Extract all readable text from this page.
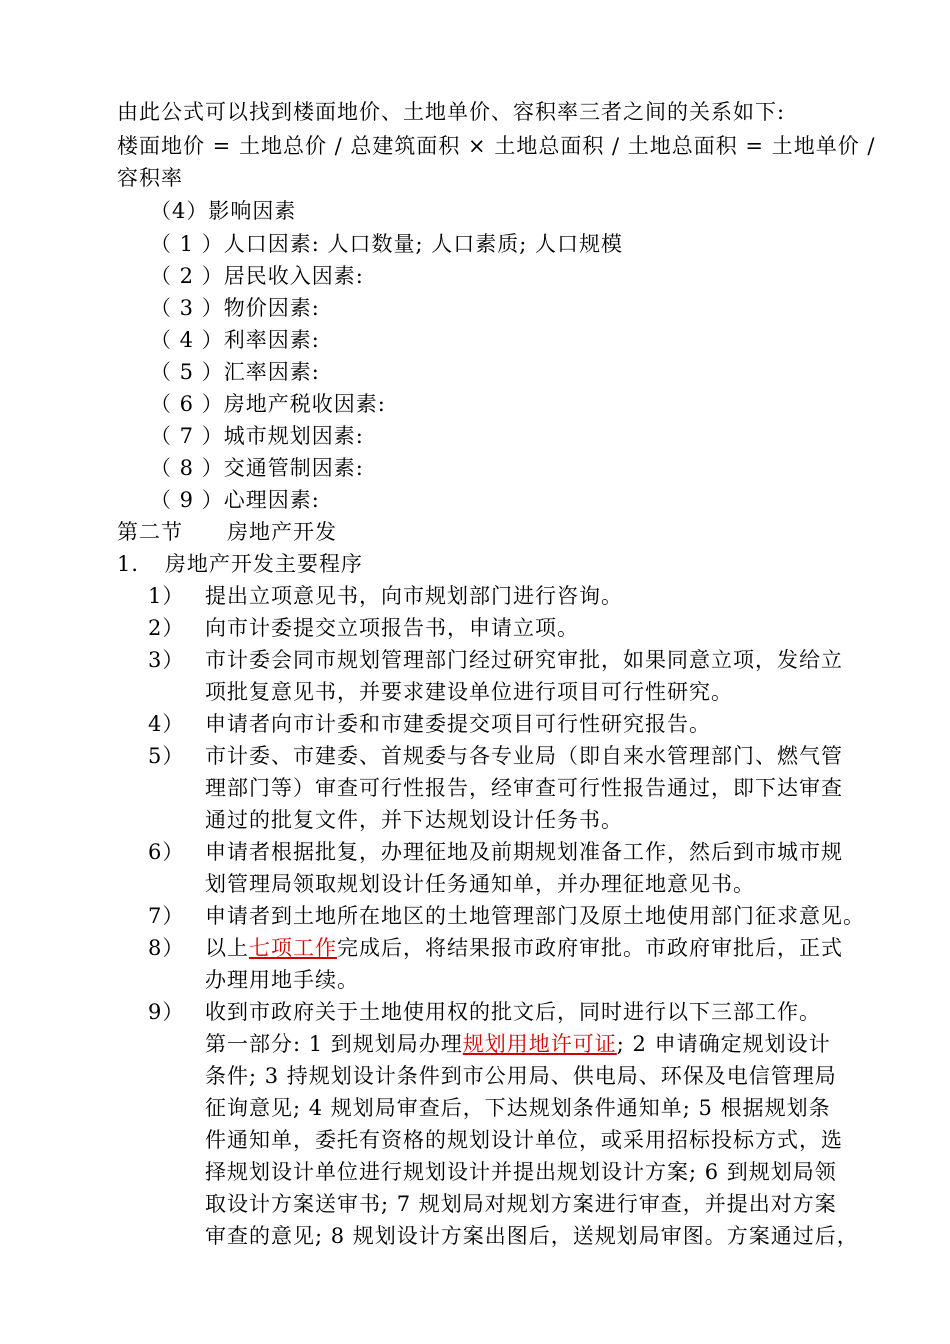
由此公式可以找到楼面地价、土地单价、容积率三者之间的关系如下:
楼面地价 = 土地总价 / 总建筑面积 × 土地总面积 / 土地总面积 = 土地单价 /
容积率
（4）影响因素
（ 1 ）人口因素: 人口数量; 人口素质; 人口规模
（ 2 ）居民收入因素:
（ 3 ）物价因素:
（ 4 ）利率因素:
（ 5 ）汇率因素:
（ 6 ）房地产税收因素:
（ 7 ）城市规划因素:
（ 8 ）交通管制因素:
（ 9 ）心理因素:
第二节　　房地产开发
1．　房地产开发主要程序
1） 提出立项意见书，向市规划部门进行咨询。
2） 向市计委提交立项报告书，申请立项。
3） 市计委会同市规划管理部门经过研究审批，如果同意立项，发给立
项批复意见书，并要求建设单位进行项目可行性研究。
4） 申请者向市计委和市建委提交项目可行性研究报告。
5） 市计委、市建委、首规委与各专业局（即自来水管理部门、燃气管
理部门等）审查可行性报告，经审查可行性报告通过，即下达审查
通过的批复文件，并下达规划设计任务书。
6） 申请者根据批复，办理征地及前期规划准备工作，然后到市城市规
划管理局领取规划设计任务通知单，并办理征地意见书。
7） 申请者到土地所在地区的土地管理部门及原土地使用部门征求意见。
8） 以上七项工作完成后，将结果报市政府审批。市政府审批后，正式
办理用地手续。
9） 收到市政府关于土地使用权的批文后，同时进行以下三部工作。
第一部分: 1 到规划局办理规划用地许可证; 2 申请确定规划设计
条件; 3 持规划设计条件到市公用局、供电局、环保及电信管理局
征询意见; 4 规划局审查后，下达规划条件通知单; 5 根据规划条
件通知单，委托有资格的规划设计单位，或采用招标投标方式，选
择规划设计单位进行规划设计并提出规划设计方案; 6 到规划局领
取设计方案送审书; 7 规划局对规划方案进行审查，并提出对方案
审查的意见; 8 规划设计方案出图后，送规划局审图。方案通过后，
